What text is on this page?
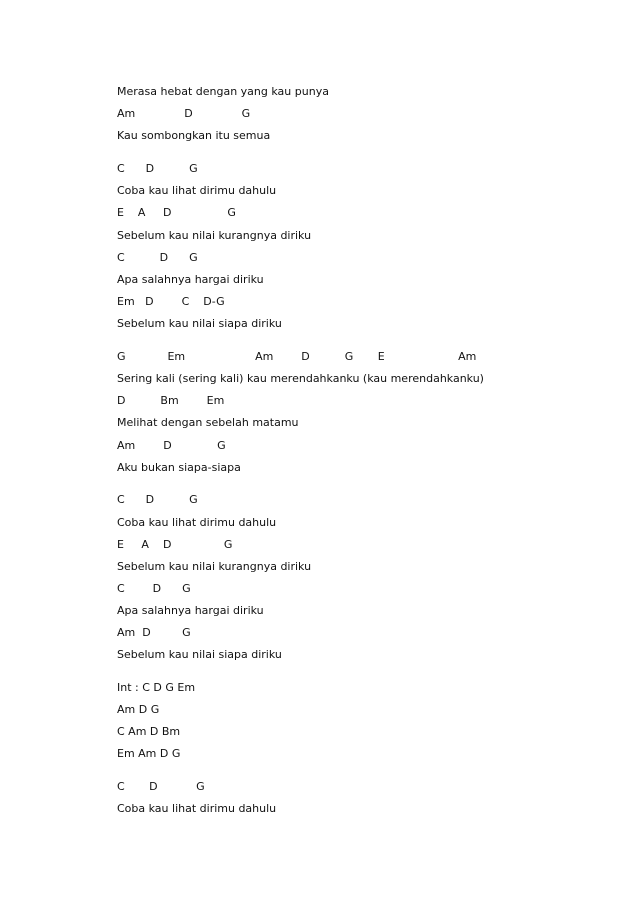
Merasa hebat dengan yang kau punya
Am              D              G
Kau sombongkan itu semua
C      D          G
Coba kau lihat dirimu dahulu
E    A     D                G
Sebelum kau nilai kurangnya diriku
C          D      G
Apa salahnya hargai diriku
Em   D        C    D-G
Sebelum kau nilai siapa diriku
G            Em                    Am        D          G       E                     Am
Sering kali (sering kali) kau merendahkanku (kau merendahkanku)
D          Bm        Em
Melihat dengan sebelah matamu
Am        D             G
Aku bukan siapa-siapa
C      D          G
Coba kau lihat dirimu dahulu
E     A    D               G
Sebelum kau nilai kurangnya diriku
C        D      G
Apa salahnya hargai diriku
Am  D         G
Sebelum kau nilai siapa diriku
Int : C D G Em
Am D G
C Am D Bm
Em Am D G
C       D           G
Coba kau lihat dirimu dahulu
